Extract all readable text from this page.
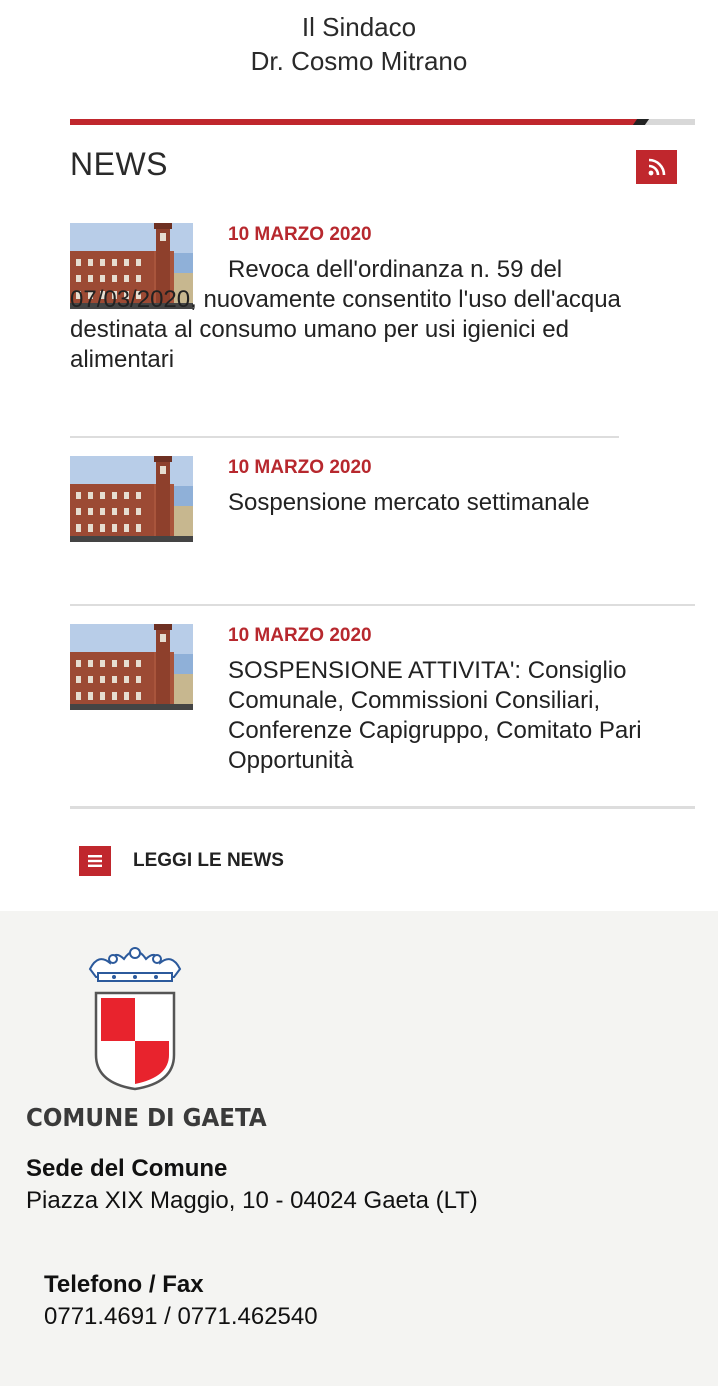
Il Sindaco
Dr. Cosmo Mitrano
NEWS
10 MARZO 2020
Revoca dell'ordinanza n. 59 del 07/03/2020, nuovamente consentito l'uso dell'acqua destinata al consumo umano per usi igienici ed alimentari
10 MARZO 2020
Sospensione mercato settimanale
10 MARZO 2020
SOSPENSIONE ATTIVITA': Consiglio Comunale, Commissioni Consiliari, Conferenze Capigruppo, Comitato Pari Opportunità
LEGGI LE NEWS
COMUNE DI GAETA
Sede del Comune
Piazza XIX Maggio, 10 - 04024 Gaeta (LT)
Telefono / Fax
0771.4691 / 0771.462540
